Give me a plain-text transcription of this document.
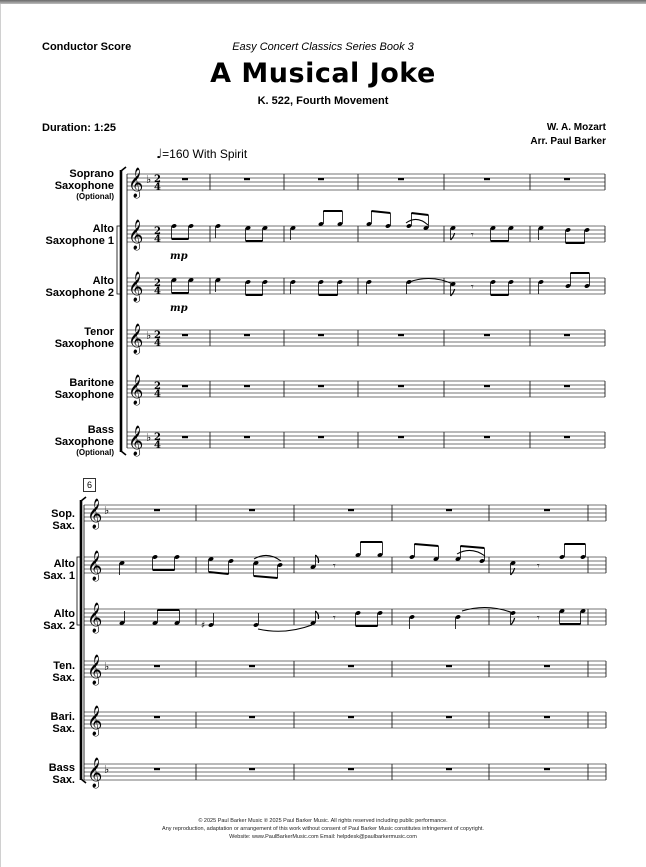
Conductor Score	Easy Concert Classics Series Book 3
A Musical Joke
K. 522, Fourth Movement
Duration: 1:25	W. A. Mozart
Arr. Paul Barker
♩=160 With Spirit
6
Soprano
Saxophone
(Optional)
Alto
Saxophone 1
Alto
Saxophone 2
Tenor
Saxophone
Baritone
Saxophone
Bass
Saxophone
(Optional)
Sop.
Sax.
Alto
Sax. 1
Alto
Sax. 2
Ten.
Sax.
Bari.
Sax.
Bass
Sax.
𝄞 ♭ 2
4
𝄞 2
4
𝄞 2
4
𝄞 ♭ 2
4
𝄞 2
4
𝄞 ♭ 2
4
𝄾
mp
𝄾
mp
𝄞 ♭
𝄞
𝄞
𝄞 ♭
𝄞
𝄞 ♭
𝄾	𝄾
♯
𝄾	𝄾
© 2025 Paul Barker Music ℗ 2025 Paul Barker Music. All rights reserved including public performance.
Any reproduction, adaptation or arrangement of this work without consent of Paul Barker Music constitutes infringement of copyright.
Website: www.PaulBarkerMusic.com Email: helpdesk@paulbarkermusic.com
